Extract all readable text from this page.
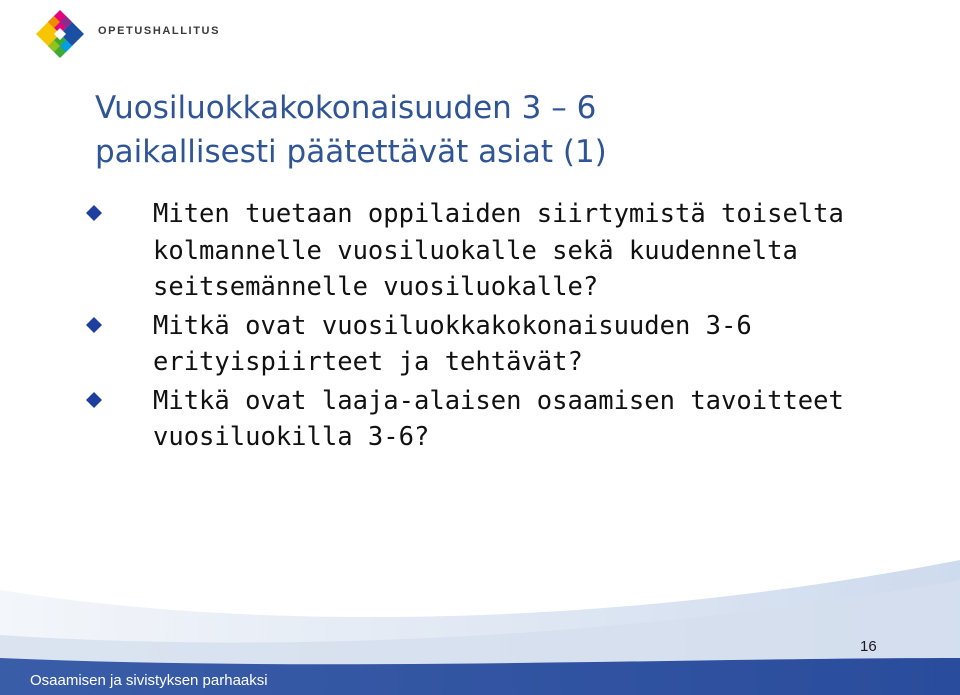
OPETUSHALLITUS
Vuosiluokkakokonaisuuden 3 – 6
paikallisesti päätettävät asiat (1)
Miten tuetaan oppilaiden siirtymistä toiselta
kolmannelle vuosiluokalle sekä kuudennelta
seitsemännelle vuosiluokalle?
Mitkä ovat vuosiluokkakokonaisuuden 3-6
erityispiirteet ja tehtävät?
Mitkä ovat laaja-alaisen osaamisen tavoitteet
vuosiluokilla 3-6?
Osaamisen ja sivistyksen parhaaksi
16
